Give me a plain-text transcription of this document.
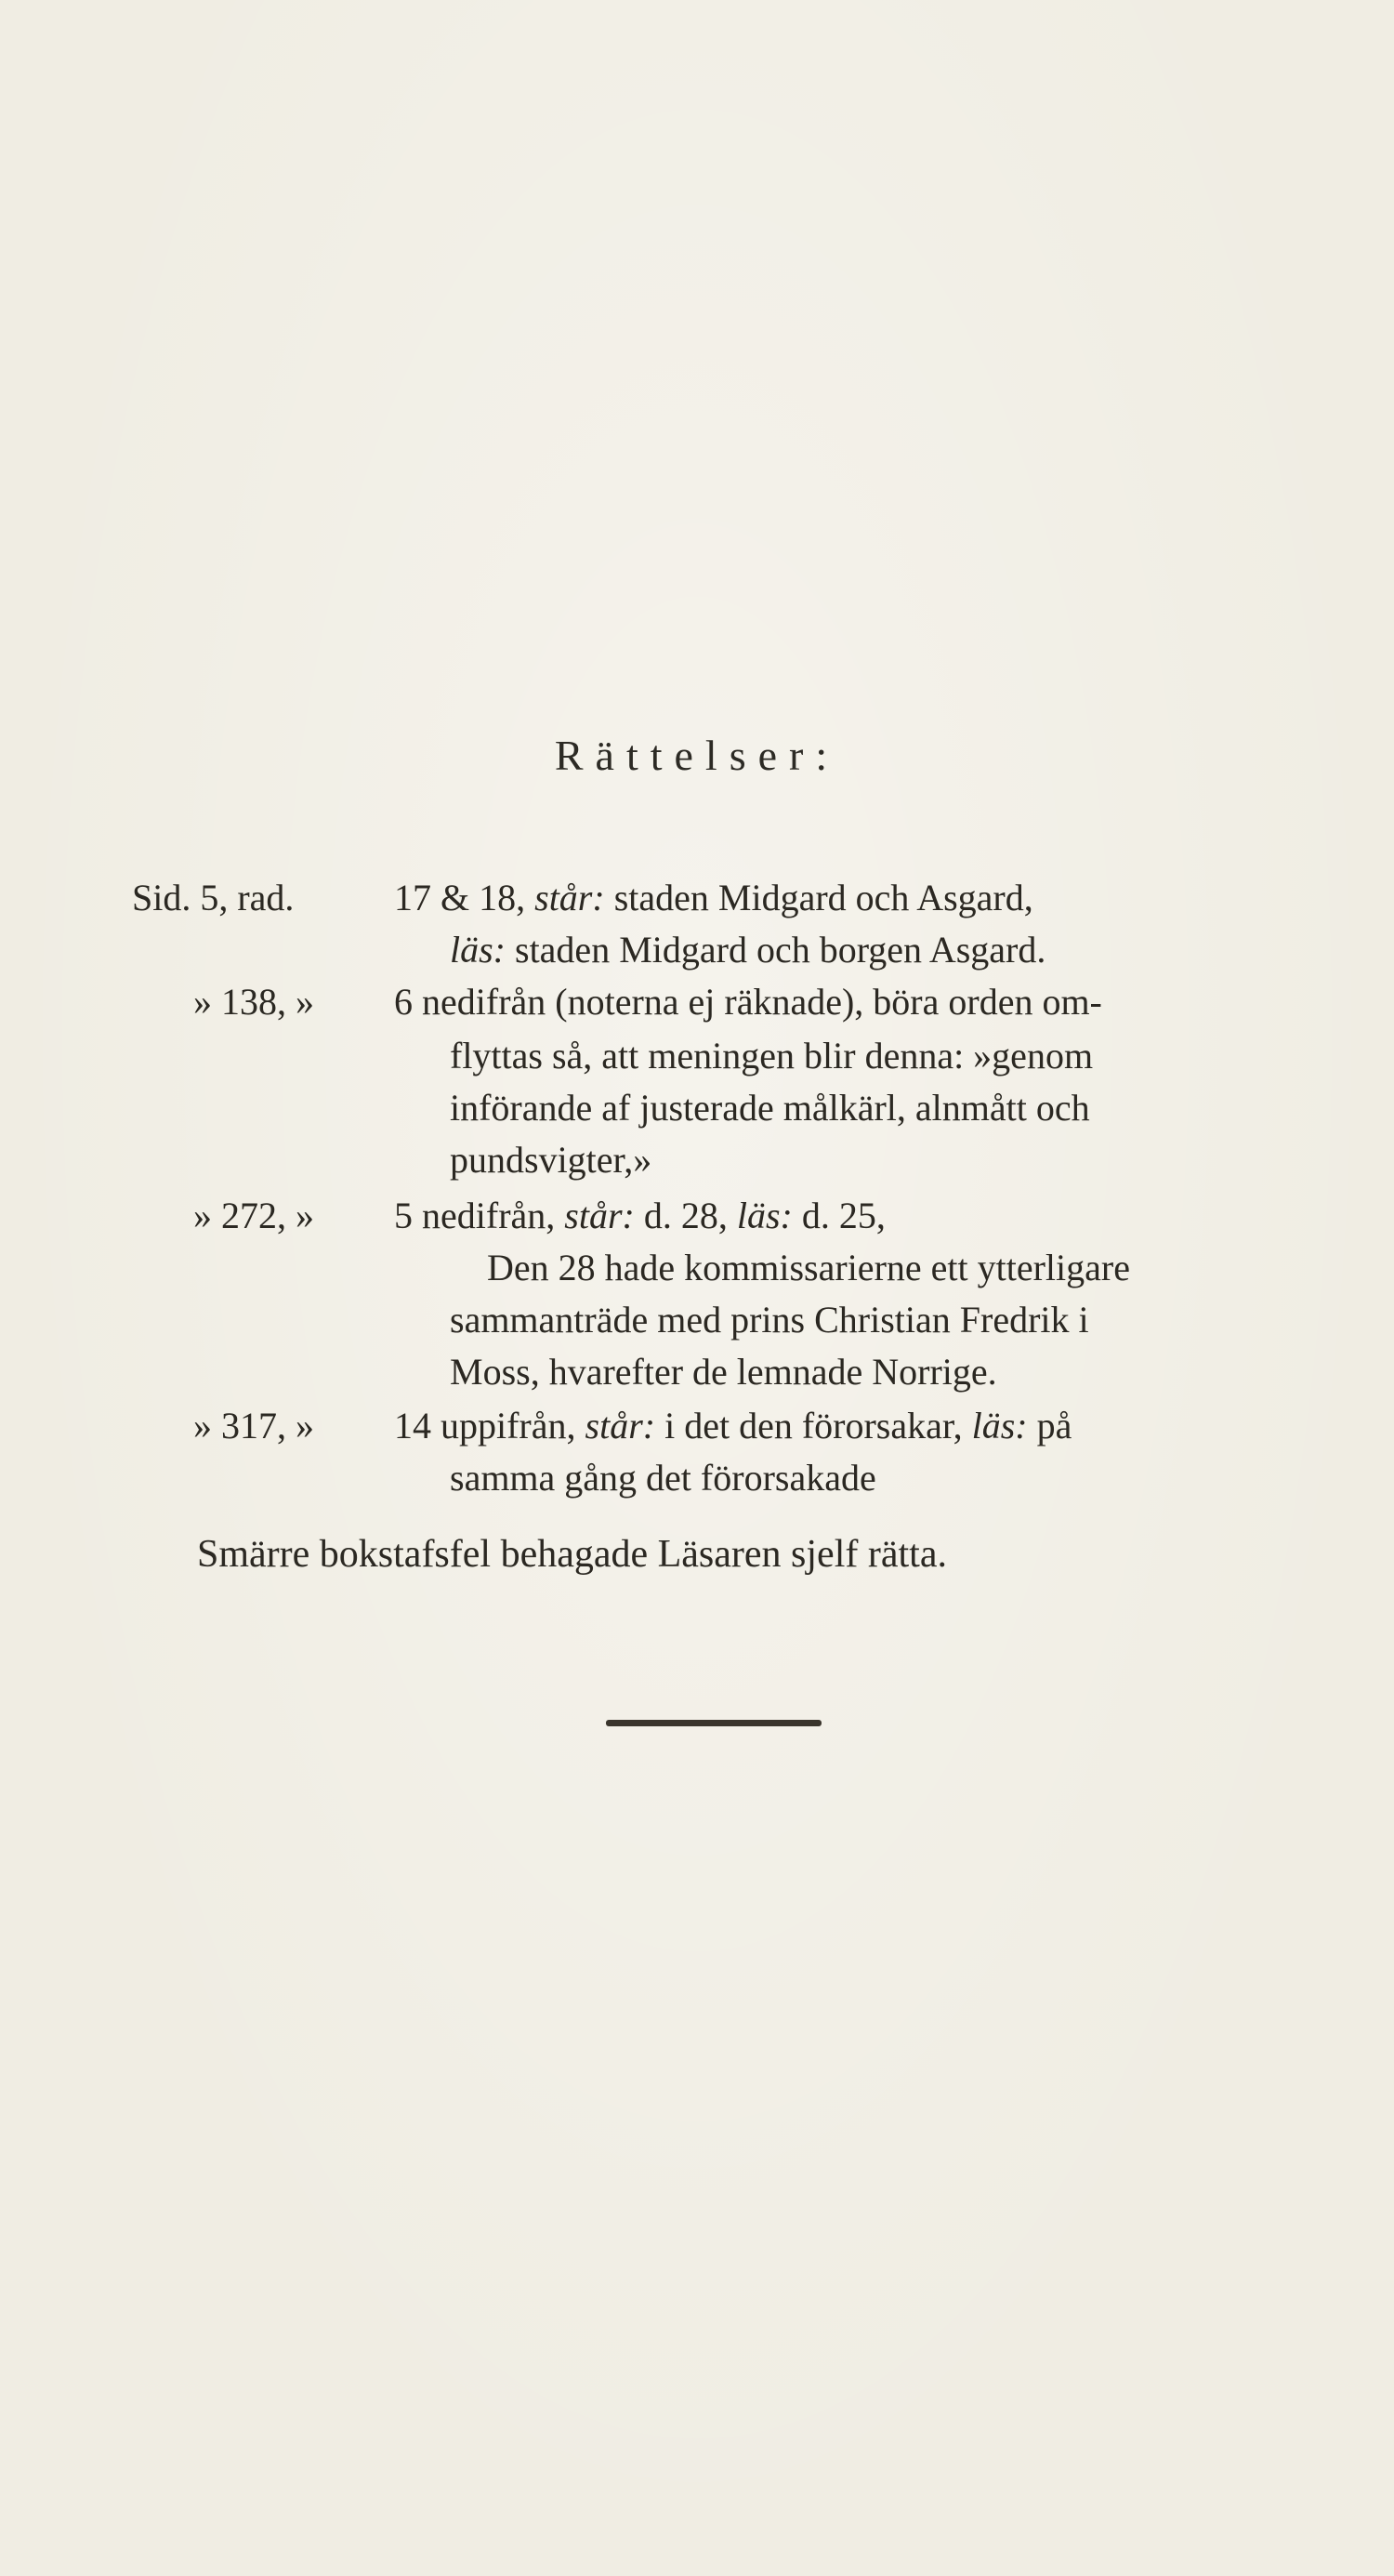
Rättelser:
Sid. 5, rad.	17 & 18, står: staden Midgard och Asgard,
läs: staden Midgard och borgen Asgard.
» 138, » 6 nedifrån (noterna ej räknade), böra orden om-
flyttas så, att meningen blir denna: »genom
införande af justerade målkärl, alnmått och
pundsvigter,»
» 272, » 5 nedifrån, står: d. 28, läs: d. 25,
Den 28 hade kommissarierne ett ytterligare
sammanträde med prins Christian Fredrik i
Moss, hvarefter de lemnade Norrige.
» 317, » 14 uppifrån, står: i det den förorsakar, läs: på
samma gång det förorsakade
Smärre bokstafsfel behagade Läsaren sjelf rätta.
